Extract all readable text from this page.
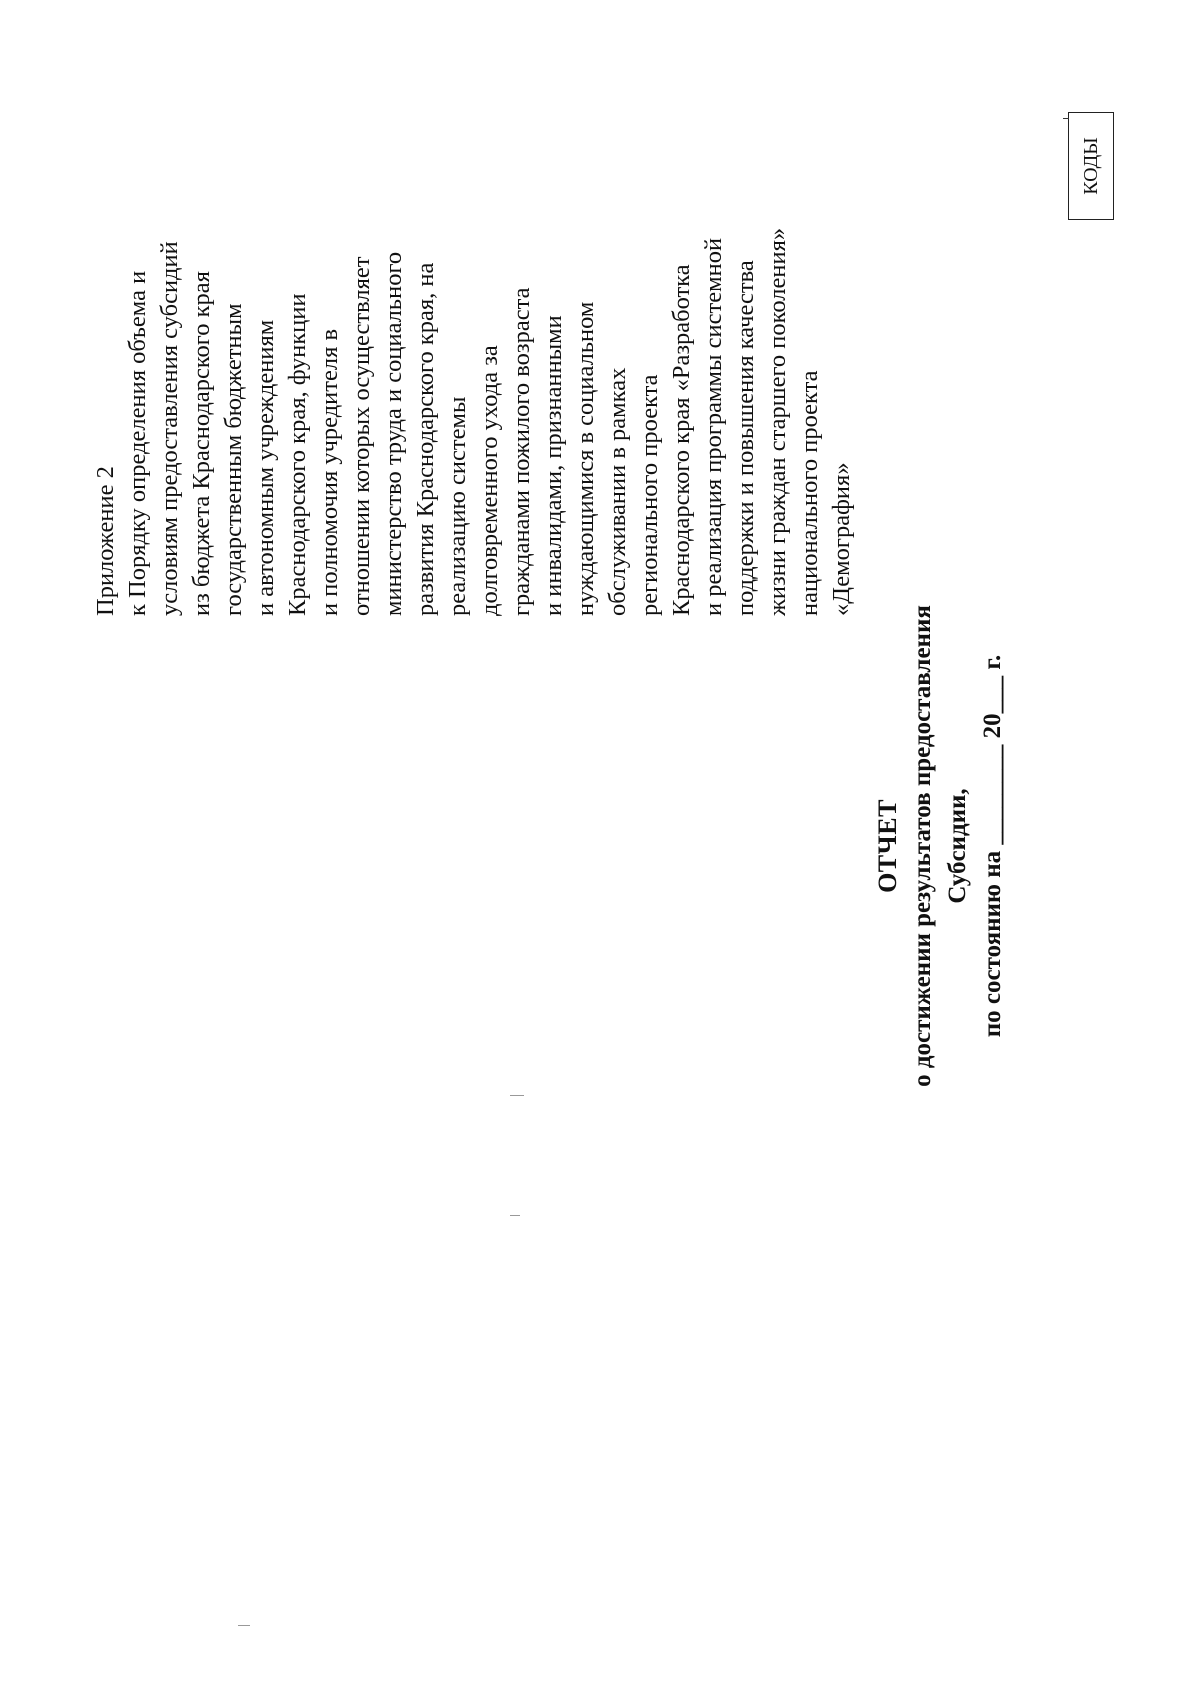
Приложение 2 к Порядку определения объема и условиям предоставления субсидий из бюджета Краснодарского края государственным бюджетным и автономным учреждениям Краснодарского края, функции и полномочия учредителя в отношении которых осуществляет министерство труда и социального развития Краснодарского края, на реализацию системы долговременного ухода за гражданами пожилого возраста и инвалидами, признанными нуждающимися в социальном обслуживании в рамках регионального проекта Краснодарского края «Разработка и реализация программы системной поддержки и повышения качества жизни граждан старшего поколения» национального проекта «Демография»
ОТЧЕТ о достижении результатов предоставления Субсидии, по состоянию на ________ 20___ г.
КОДЫ
